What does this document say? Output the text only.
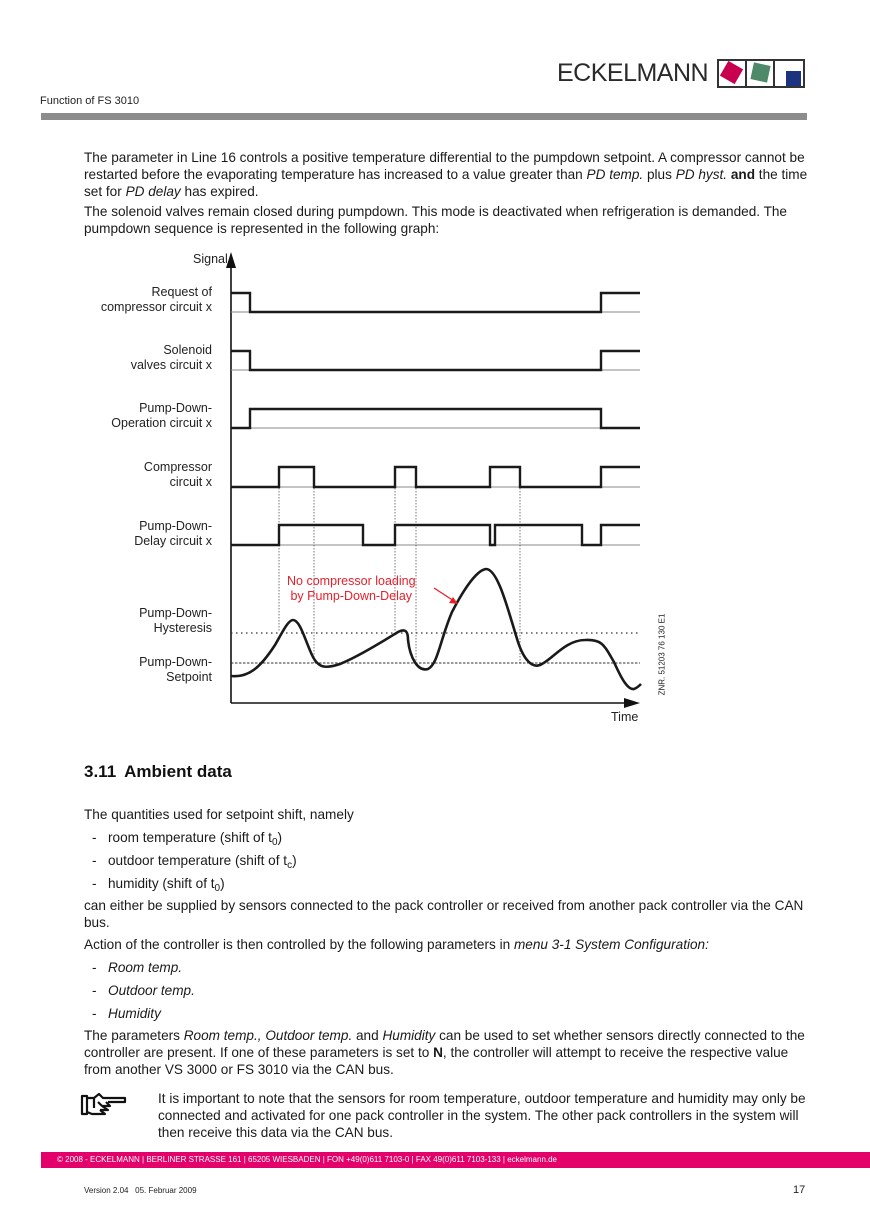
ECKELMANN
Function of FS 3010

The parameter in Line 16 controls a positive temperature differential to the pumpdown setpoint. A compressor cannot be restarted before the evaporating temperature has increased to a value greater than PD temp. plus PD hyst. and the time set for PD delay has expired.

The solenoid valves remain closed during pumpdown. This mode is deactivated when refrigeration is demanded. The pumpdown sequence is represented in the following graph:

Signal
Time
Request of
compressor circuit x
Solenoid
valves circuit x
Pump-Down-
Operation circuit x
Compressor
circuit x
Pump-Down-
Delay circuit x
Pump-Down-
Hysteresis
Pump-Down-
Setpoint
No compressor loading
by Pump-Down-Delay
ZNR. 51203 76 130 E1
3.11 Ambient data

The quantities used for setpoint shift, namely

- room temperature (shift of $t_0$)
- outdoor temperature (shift of $t_c$)
- humidity (shift of $t_0$)

can either be supplied by sensors connected to the pack controller or received from another pack controller via the CAN bus.

Action of the controller is then controlled by the following parameters in menu 3-1 System Configuration:

- Room temp.
- Outdoor temp.
- Humidity

The parameters Room temp., Outdoor temp. and Humidity can be used to set whether sensors directly connected to the controller are present. If one of these parameters is set to N, the controller will attempt to receive the respective value from another VS 3000 or FS 3010 via the CAN bus.

It is important to note that the sensors for room temperature, outdoor temperature and humidity may only be connected and activated for one pack controller in the system. The other pack controllers in the system will then receive this data via the CAN bus.

© 2008 - ECKELMANN | BERLINER STRASSE 161 | 65205 WIESBADEN | FON +49(0)611 7103-0 | FAX 49(0)611 7103-133 | eckelmann.de
Version 2.04   05. Februar 2009	17
